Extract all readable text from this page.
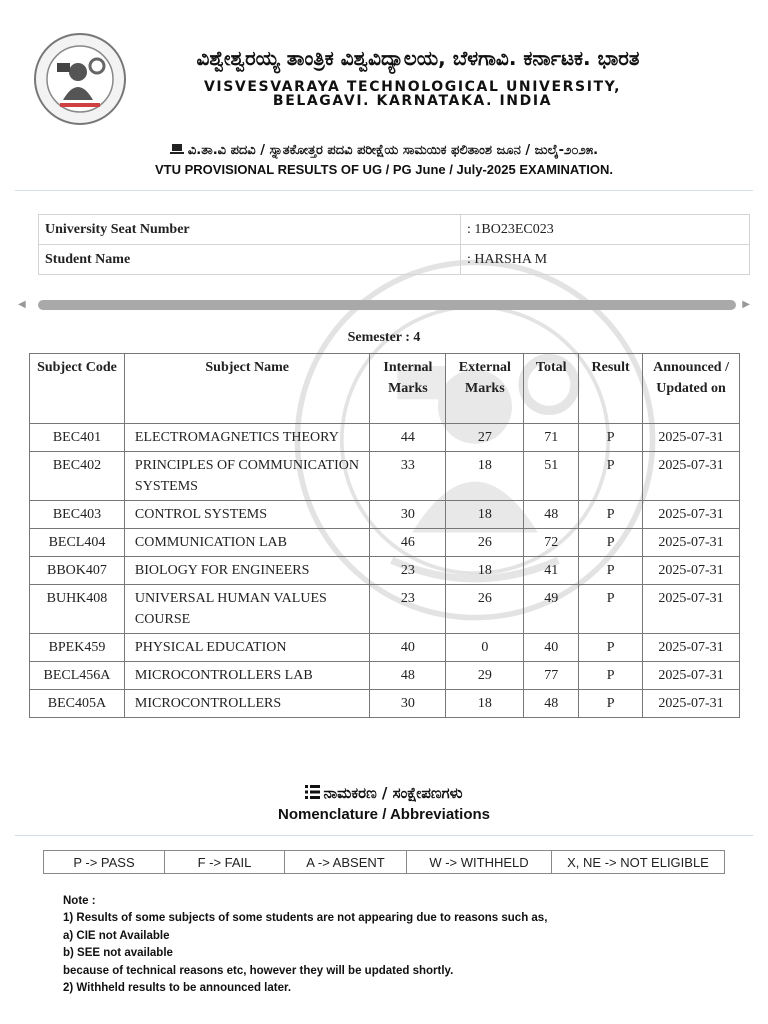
ವಿಶ್ವೇಶ್ವರಯ್ಯ ತಾಂತ್ರಿಕ ವಿಶ್ವವಿದ್ಯಾಲಯ, ಬೆಳಗಾವಿ. ಕರ್ನಾಟಕ. ಭಾರತ
VISVESVARAYA TECHNOLOGICAL UNIVERSITY,
BELAGAVI. KARNATAKA. INDIA
ವಿ.ತಾ.ವಿ ಪದವಿ / ಸ್ನಾತಕೋತ್ತರ ಪದವಿ ಪರೀಕ್ಷೆಯ ಸಾಮಯಿಕ ಫಲಿತಾಂಶ ಜೂನ / ಜುಲೈ-೨೦೨೫.
VTU PROVISIONAL RESULTS OF UG / PG June / July-2025 EXAMINATION.
University Seat Number	: 1BO23EC023
Student Name	: HARSHA M
◀	▶
Semester : 4
Subject Code	Subject Name	Internal Marks	External Marks	Total	Result	Announced / Updated on
BEC401	ELECTROMAGNETICS THEORY	44	27	71	P	2025-07-31
BEC402	PRINCIPLES OF COMMUNICATION SYSTEMS	33	18	51	P	2025-07-31
BEC403	CONTROL SYSTEMS	30	18	48	P	2025-07-31
BECL404	COMMUNICATION LAB	46	26	72	P	2025-07-31
BBOK407	BIOLOGY FOR ENGINEERS	23	18	41	P	2025-07-31
BUHK408	UNIVERSAL HUMAN VALUES COURSE	23	26	49	P	2025-07-31
BPEK459	PHYSICAL EDUCATION	40	0	40	P	2025-07-31
BECL456A	MICROCONTROLLERS LAB	48	29	77	P	2025-07-31
BEC405A	MICROCONTROLLERS	30	18	48	P	2025-07-31
ನಾಮಕರಣ / ಸಂಕ್ಷೇಪಣಗಳು
Nomenclature / Abbreviations
P -> PASS	F -> FAIL	A -> ABSENT	W -> WITHHELD	X, NE -> NOT ELIGIBLE
Note :
1) Results of some subjects of some students are not appearing due to reasons such as,
a) CIE not Available
b) SEE not available
because of technical reasons etc, however they will be updated shortly.
2) Withheld results to be announced later.
